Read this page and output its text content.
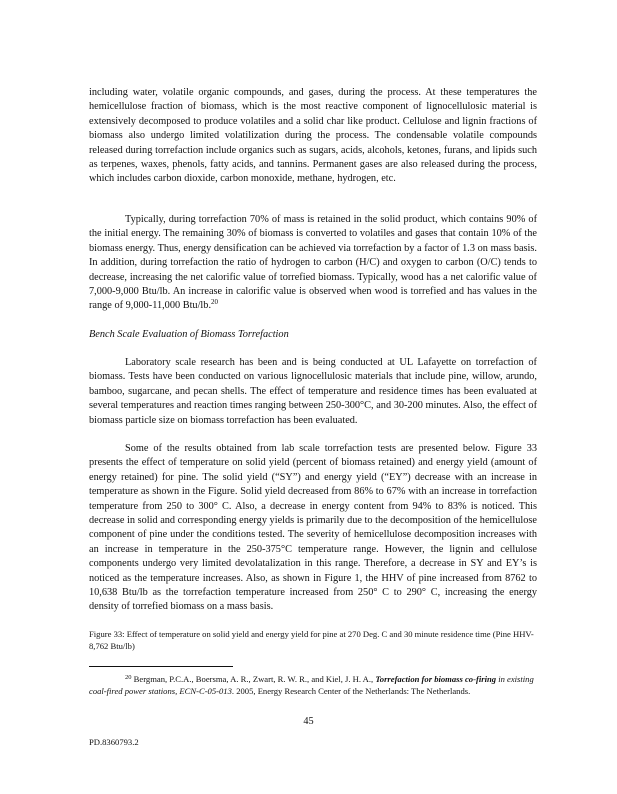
including water, volatile organic compounds, and gases, during the process. At these temperatures the hemicellulose fraction of biomass, which is the most reactive component of lignocellulosic material is extensively decomposed to produce volatiles and a solid char like product. Cellulose and lignin fractions of biomass also undergo limited volatilization during the process. The condensable volatile compounds released during torrefaction include organics such as sugars, acids, alcohols, ketones, furans, and lipids such as terpenes, waxes, phenols, fatty acids, and tannins. Permanent gases are also released during the process, which includes carbon dioxide, carbon monoxide, methane, hydrogen, etc.

Typically, during torrefaction 70% of mass is retained in the solid product, which contains 90% of the initial energy. The remaining 30% of biomass is converted to volatiles and gases that contain 10% of the biomass energy. Thus, energy densification can be achieved via torrefaction by a factor of 1.3 on mass basis. In addition, during torrefaction the ratio of hydrogen to carbon (H/C) and oxygen to carbon (O/C) tends to decrease, increasing the net calorific value of torrefied biomass. Typically, wood has a net calorific value of 7,000-9,000 Btu/lb. An increase in calorific value is observed when wood is torrefied and has values in the range of 9,000-11,000 Btu/lb.$^{20}$

Bench Scale Evaluation of Biomass Torrefaction

Laboratory scale research has been and is being conducted at UL Lafayette on torrefaction of biomass. Tests have been conducted on various lignocellulosic materials that include pine, willow, arundo, bamboo, sugarcane, and pecan shells. The effect of temperature and residence times has been evaluated at several temperatures and reaction times ranging between 250-300°C, and 30-200 minutes. Also, the effect of biomass particle size on biomass torrefaction has been evaluated.

Some of the results obtained from lab scale torrefaction tests are presented below. Figure 33 presents the effect of temperature on solid yield (percent of biomass retained) and energy yield (amount of energy retained) for pine. The solid yield (“SY”) and energy yield (“EY”) decrease with an increase in temperature as shown in the Figure. Solid yield decreased from 86% to 67% with an increase in torrefaction temperature from 250 to 300° C. Also, a decrease in energy content from 94% to 83% is noticed. This decrease in solid and corresponding energy yields is primarily due to the decomposition of the hemicellulose component of pine under the conditions tested. The severity of hemicellulose decomposition increases with an increase in temperature in the 250-375°C temperature range. However, the lignin and cellulose components undergo very limited devolatalization in this range. Therefore, a decrease in SY and EY’s is noticed as the temperature increases. Also, as shown in Figure 1, the HHV of pine increased from 8762 to 10,638 Btu/lb as the torrefaction temperature increased from 250° C to 290° C, increasing the energy density of torrefied biomass on a mass basis.

Figure 33: Effect of temperature on solid yield and energy yield for pine at 270 Deg. C and 30 minute residence time (Pine HHV- 8,762 Btu/lb)

$^{20}$ Bergman, P.C.A., Boersma, A. R., Zwart, R. W. R., and Kiel, J. H. A., Torrefaction for biomass co-firing in existing coal-fired power stations, ECN-C-05-013. 2005, Energy Research Center of the Netherlands: The Netherlands.

45

PD.8360793.2
